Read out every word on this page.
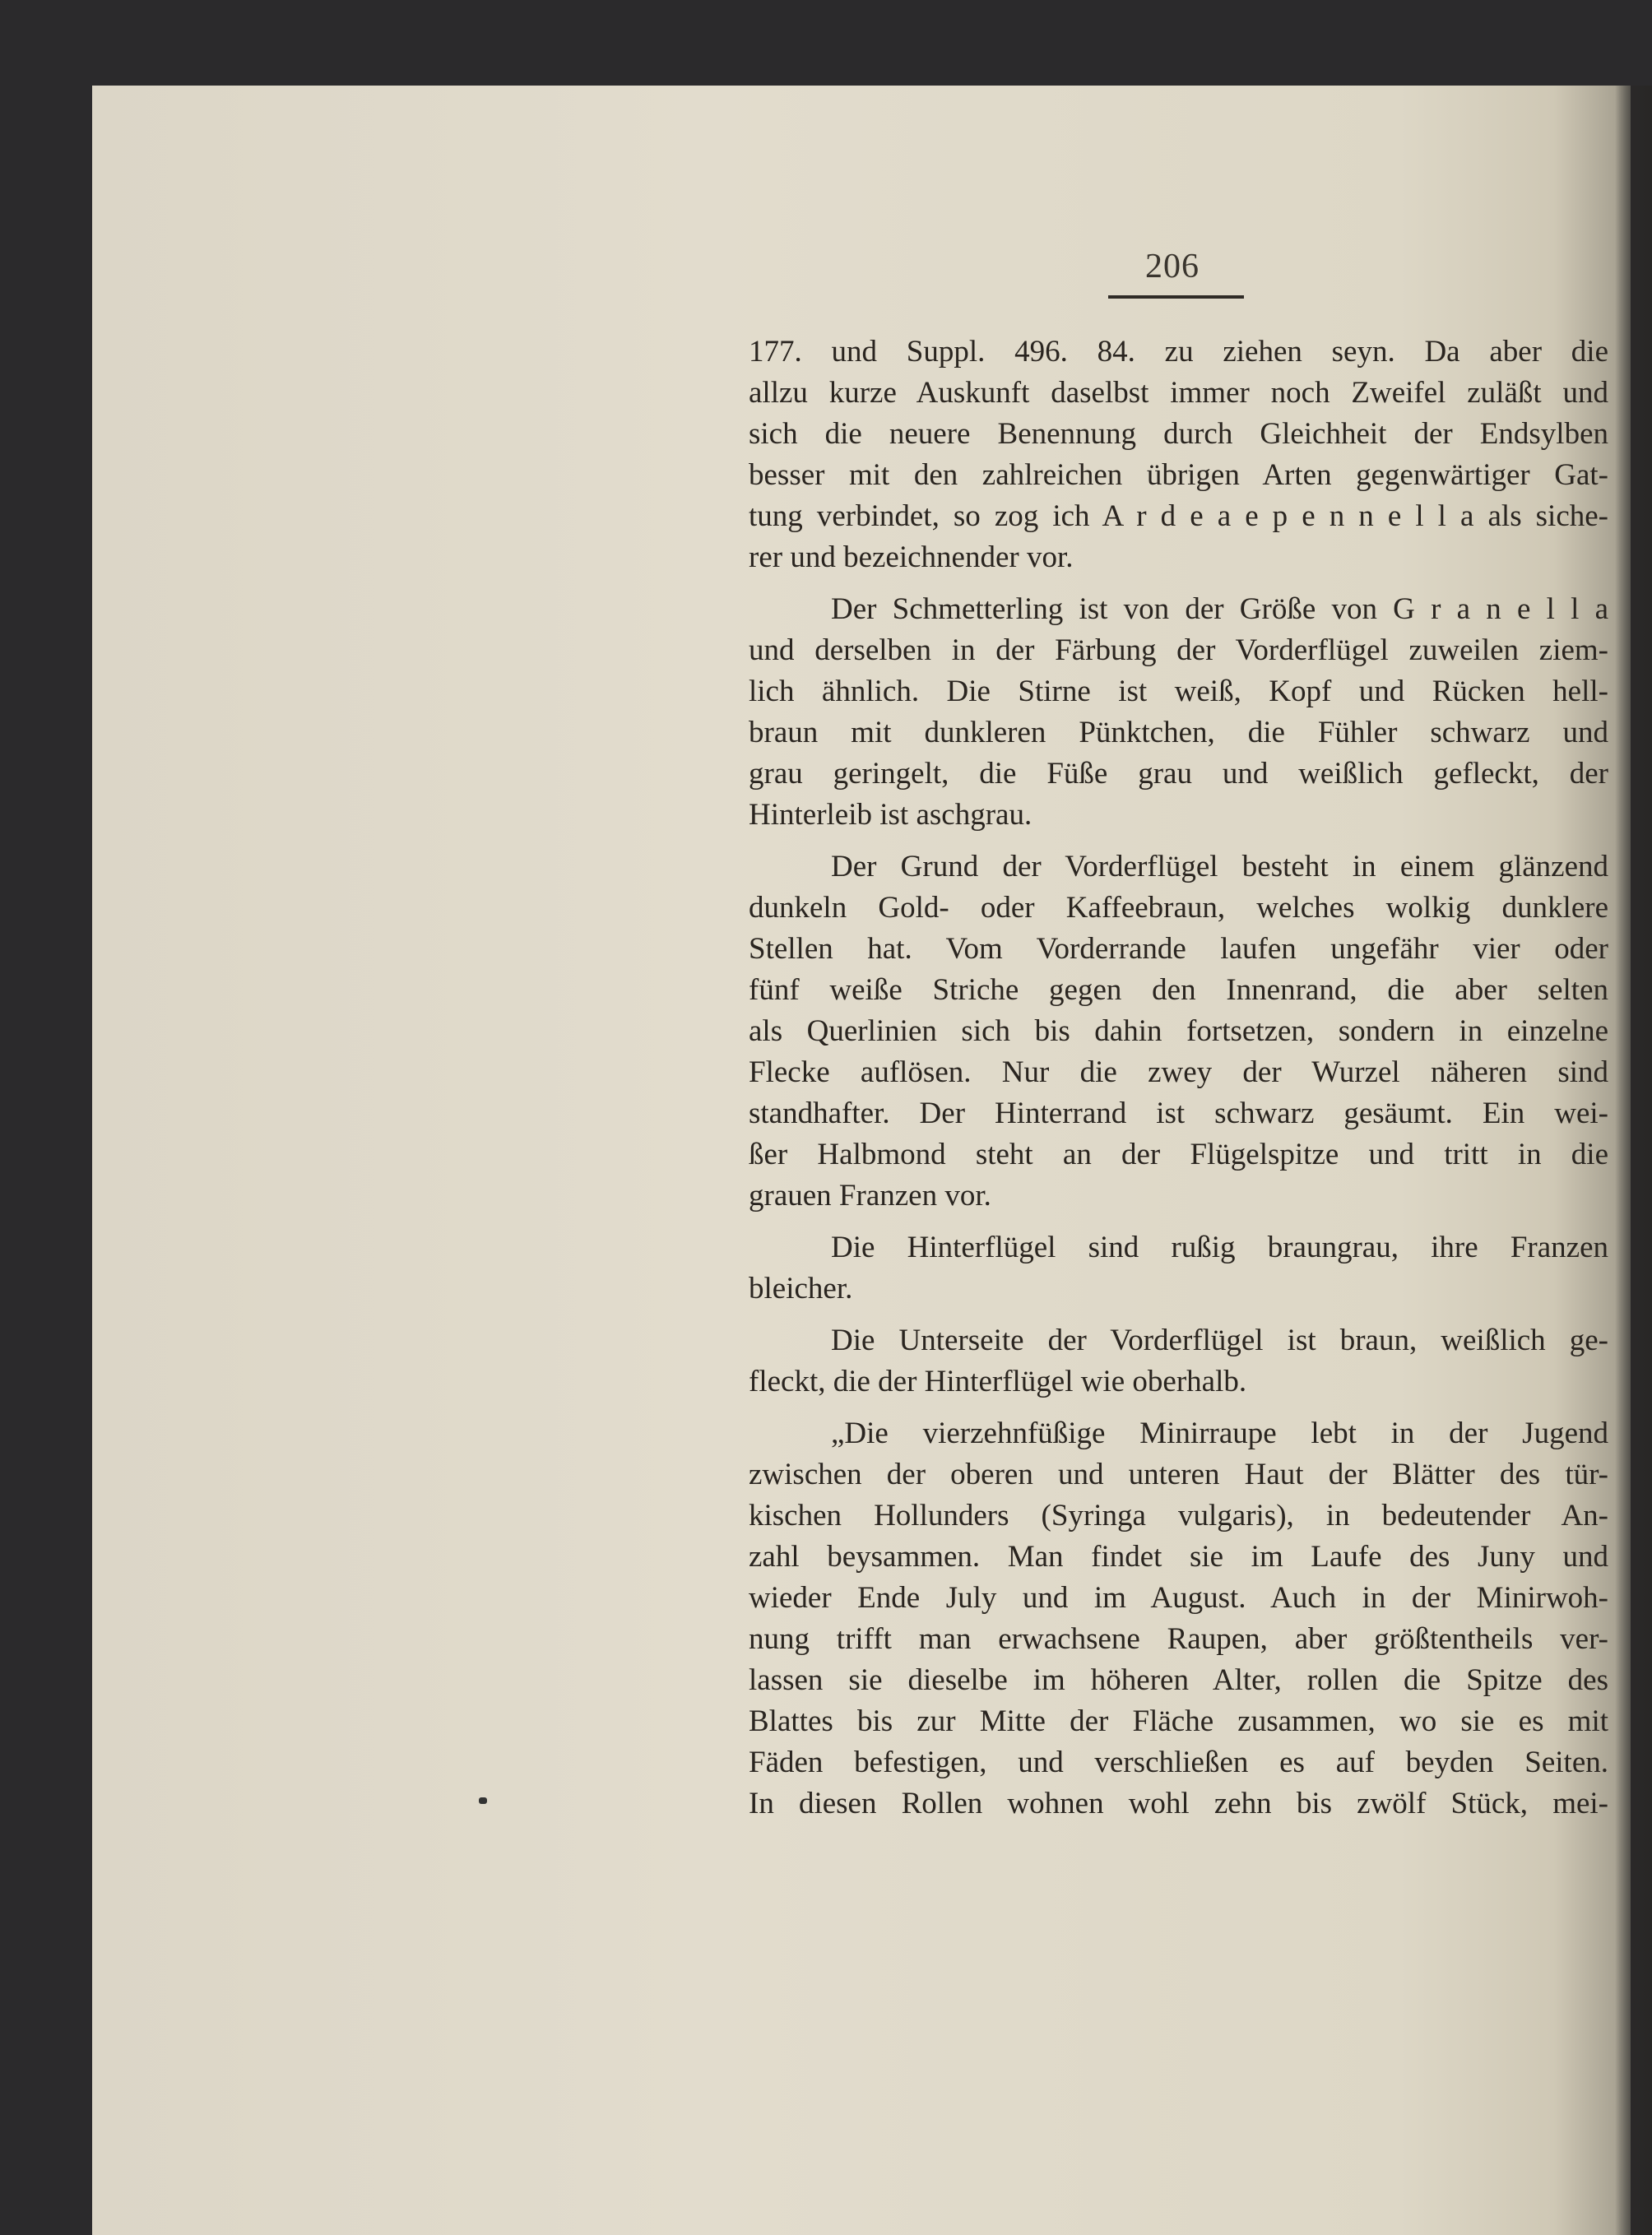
206
177. und Suppl. 496. 84. zu ziehen seyn. Da aber die
allzu kurze Auskunft daselbst immer noch Zweifel zuläßt und
sich die neuere Benennung durch Gleichheit der Endsylben
besser mit den zahlreichen übrigen Arten gegenwärtiger Gat-
tung verbindet, so zog ich A r d e a e p e n n e l l a als siche-
rer und bezeichnender vor.
Der Schmetterling ist von der Größe von G r a n e l l a
und derselben in der Färbung der Vorderflügel zuweilen ziem-
lich ähnlich. Die Stirne ist weiß, Kopf und Rücken hell-
braun mit dunkleren Pünktchen, die Fühler schwarz und
grau geringelt, die Füße grau und weißlich gefleckt, der
Hinterleib ist aschgrau.
Der Grund der Vorderflügel besteht in einem glänzend
dunkeln Gold- oder Kaffeebraun, welches wolkig dunklere
Stellen hat. Vom Vorderrande laufen ungefähr vier oder
fünf weiße Striche gegen den Innenrand, die aber selten
als Querlinien sich bis dahin fortsetzen, sondern in einzelne
Flecke auflösen. Nur die zwey der Wurzel näheren sind
standhafter. Der Hinterrand ist schwarz gesäumt. Ein wei-
ßer Halbmond steht an der Flügelspitze und tritt in die
grauen Franzen vor.
Die Hinterflügel sind rußig braungrau, ihre Franzen
bleicher.
Die Unterseite der Vorderflügel ist braun, weißlich ge-
fleckt, die der Hinterflügel wie oberhalb.
„Die vierzehnfüßige Minirraupe lebt in der Jugend
zwischen der oberen und unteren Haut der Blätter des tür-
kischen Hollunders (Syringa vulgaris), in bedeutender An-
zahl beysammen. Man findet sie im Laufe des Juny und
wieder Ende July und im August. Auch in der Minirwoh-
nung trifft man erwachsene Raupen, aber größtentheils ver-
lassen sie dieselbe im höheren Alter, rollen die Spitze des
Blattes bis zur Mitte der Fläche zusammen, wo sie es mit
Fäden befestigen, und verschließen es auf beyden Seiten.
In diesen Rollen wohnen wohl zehn bis zwölf Stück, mei-
